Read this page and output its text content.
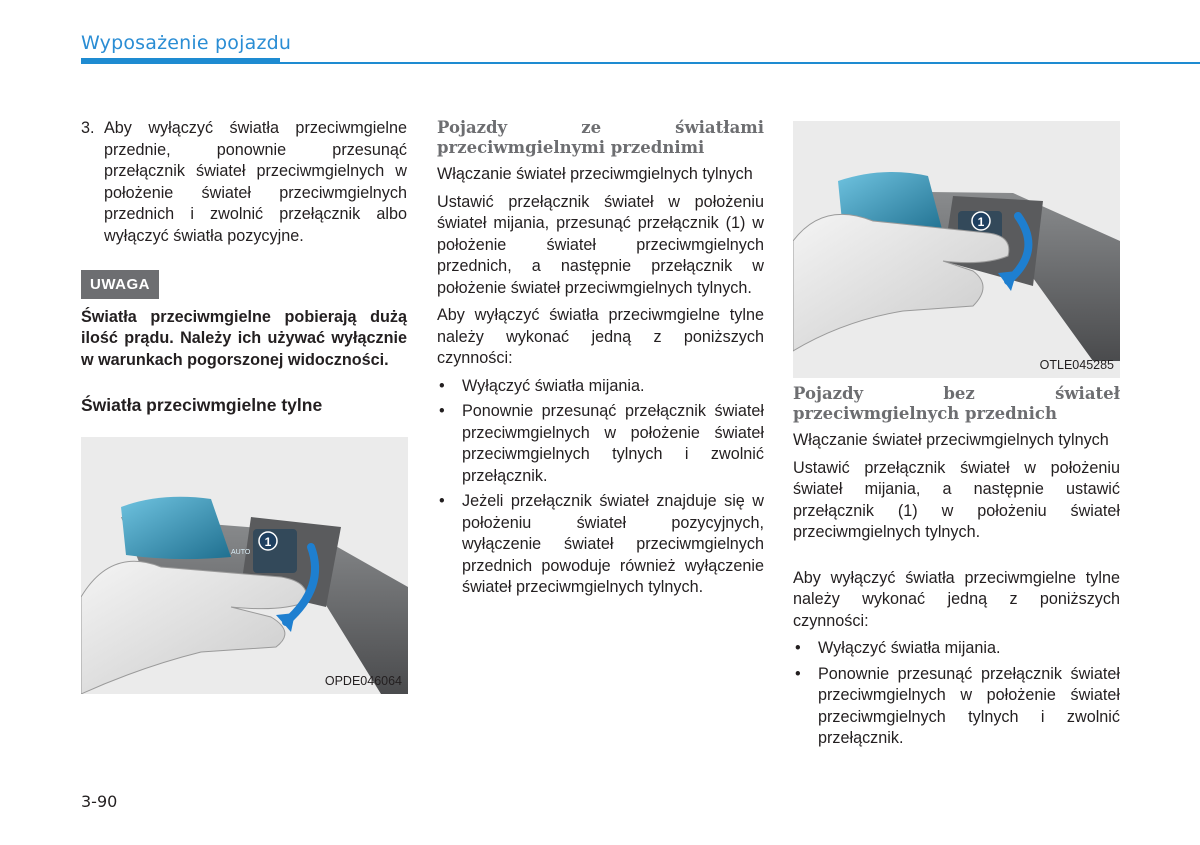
Wyposażenie pojazdu
3. Aby wyłączyć światła przeciwmgielne przednie, ponownie przesunąć przełącznik świateł przeciwmgielnych w położenie świateł przeciwmgielnych przednich i zwolnić przełącznik albo wyłączyć światła pozycyjne.
UWAGA
Światła przeciwmgielne pobierają dużą ilość prądu. Należy ich używać wyłącznie w warunkach pogorszonej widoczności.

Światła przeciwmgielne tylne

1
AUTO
OPDE046064

Pojazdy ze światłami przeciwmgielnymi przednimi

Włączanie świateł przeciwmgielnych tylnych

Ustawić przełącznik świateł w położeniu świateł mijania, przesunąć przełącznik (1) w położenie świateł przeciwmgielnych przednich, a następnie przełącznik w położenie świateł przeciwmgielnych tylnych.

Aby wyłączyć światła przeciwmgielne tylne należy wykonać jedną z poniższych czynności:

•	Wyłączyć światła mijania.
•	Ponownie przesunąć przełącznik świateł przeciwmgielnych w położenie świateł przeciwmgielnych tylnych i zwolnić przełącznik.
•	Jeżeli przełącznik świateł znajduje się w położeniu świateł pozycyjnych, wyłączenie świateł przeciwmgielnych przednich powoduje również wyłączenie świateł przeciwmgielnych tylnych.
1
OTLE045285

Pojazdy bez świateł przeciwmgielnych przednich

Włączanie świateł przeciwmgielnych tylnych

Ustawić przełącznik świateł w położeniu świateł mijania, a następnie ustawić przełącznik (1) w położeniu świateł przeciwmgielnych tylnych.

Aby wyłączyć światła przeciwmgielne tylne należy wykonać jedną z poniższych czynności:

•	Wyłączyć światła mijania.
•	Ponownie przesunąć przełącznik świateł przeciwmgielnych w położenie świateł przeciwmgielnych tylnych i zwolnić przełącznik.
3-90
